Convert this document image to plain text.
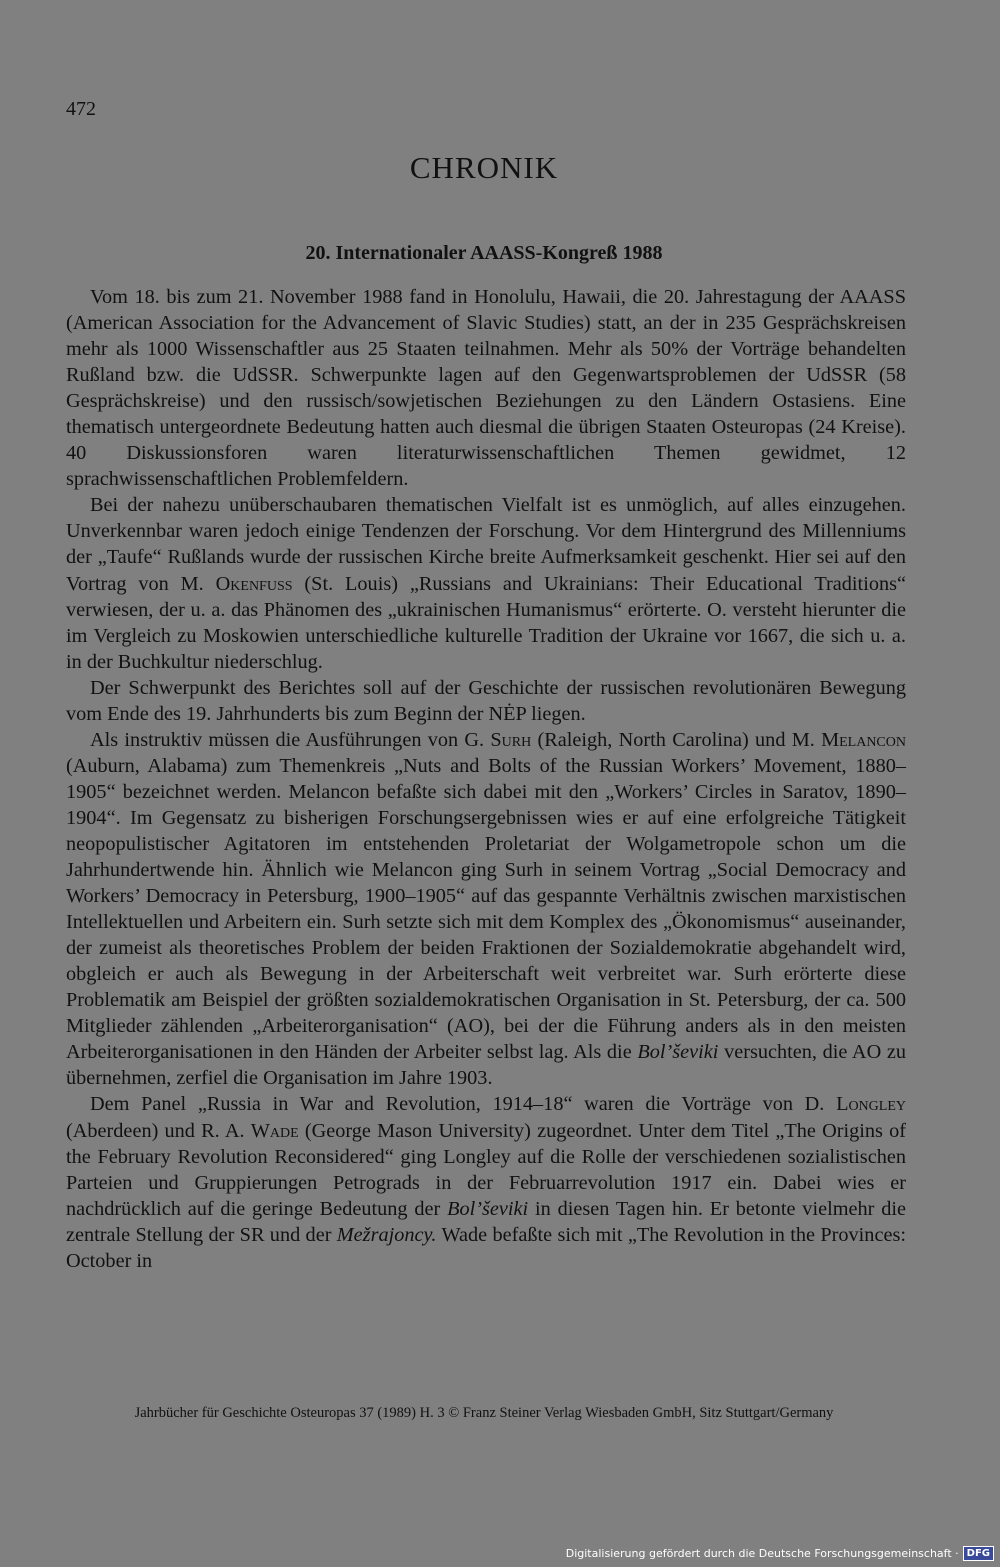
472
CHRONIK
20. Internationaler AAASS-Kongreß 1988

Vom 18. bis zum 21. November 1988 fand in Honolulu, Hawaii, die 20. Jahrestagung der AAASS (American Association for the Advancement of Slavic Studies) statt, an der in 235 Gesprächskreisen mehr als 1000 Wissenschaftler aus 25 Staaten teilnahmen. Mehr als 50% der Vorträge behandelten Rußland bzw. die UdSSR. Schwerpunkte lagen auf den Gegenwartsproblemen der UdSSR (58 Gesprächskreise) und den russisch/sowjetischen Beziehungen zu den Ländern Ostasiens. Eine thematisch untergeordnete Bedeutung hatten auch diesmal die übrigen Staaten Osteuropas (24 Kreise). 40 Diskussionsforen waren literaturwissenschaftlichen Themen gewidmet, 12 sprachwissenschaftlichen Problemfeldern.

Bei der nahezu unüberschaubaren thematischen Vielfalt ist es unmöglich, auf alles einzugehen. Unverkennbar waren jedoch einige Tendenzen der Forschung. Vor dem Hintergrund des Millenniums der „Taufe“ Rußlands wurde der russischen Kirche breite Aufmerksamkeit geschenkt. Hier sei auf den Vortrag von M. Okenfuss (St. Louis) „Russians and Ukrainians: Their Educational Traditions“ verwiesen, der u. a. das Phänomen des „ukrainischen Humanismus“ erörterte. O. versteht hierunter die im Vergleich zu Moskowien unterschiedliche kulturelle Tradition der Ukraine vor 1667, die sich u. a. in der Buchkultur niederschlug.

Der Schwerpunkt des Berichtes soll auf der Geschichte der russischen revolutionären Bewegung vom Ende des 19. Jahrhunderts bis zum Beginn der NĖP liegen.

Als instruktiv müssen die Ausführungen von G. Surh (Raleigh, North Carolina) und M. Melancon (Auburn, Alabama) zum Themenkreis „Nuts and Bolts of the Russian Workers’ Movement, 1880–1905“ bezeichnet werden. Melancon befaßte sich dabei mit den „Workers’ Circles in Saratov, 1890–1904“. Im Gegensatz zu bisherigen Forschungsergebnissen wies er auf eine erfolgreiche Tätigkeit neopopulistischer Agitatoren im entstehenden Proletariat der Wolgametropole schon um die Jahrhundertwende hin. Ähnlich wie Melancon ging Surh in seinem Vortrag „Social Democracy and Workers’ Democracy in Petersburg, 1900–1905“ auf das gespannte Verhältnis zwischen marxistischen Intellektuellen und Arbeitern ein. Surh setzte sich mit dem Komplex des „Ökonomismus“ auseinander, der zumeist als theoretisches Problem der beiden Fraktionen der Sozialdemokratie abgehandelt wird, obgleich er auch als Bewegung in der Arbeiterschaft weit verbreitet war. Surh erörterte diese Problematik am Beispiel der größten sozialdemokratischen Organisation in St. Petersburg, der ca. 500 Mitglieder zählenden „Arbeiterorganisation“ (AO), bei der die Führung anders als in den meisten Arbeiterorganisationen in den Händen der Arbeiter selbst lag. Als die Bol’ševiki versuchten, die AO zu übernehmen, zerfiel die Organisation im Jahre 1903.

Dem Panel „Russia in War and Revolution, 1914–18“ waren die Vorträge von D. Longley (Aberdeen) und R. A. Wade (George Mason University) zugeordnet. Unter dem Titel „The Origins of the February Revolution Reconsidered“ ging Longley auf die Rolle der verschiedenen sozialistischen Parteien und Gruppierungen Petrograds in der Februarrevolution 1917 ein. Dabei wies er nachdrücklich auf die geringe Bedeutung der Bol’ševiki in diesen Tagen hin. Er betonte vielmehr die zentrale Stellung der SR und der Mežrajoncy. Wade befaßte sich mit „The Revolution in the Provinces: October in

Jahrbücher für Geschichte Osteuropas 37 (1989) H. 3 © Franz Steiner Verlag Wiesbaden GmbH, Sitz Stuttgart/Germany
Digitalisierung gefördert durch die Deutsche Forschungsgemeinschaft · DFG
